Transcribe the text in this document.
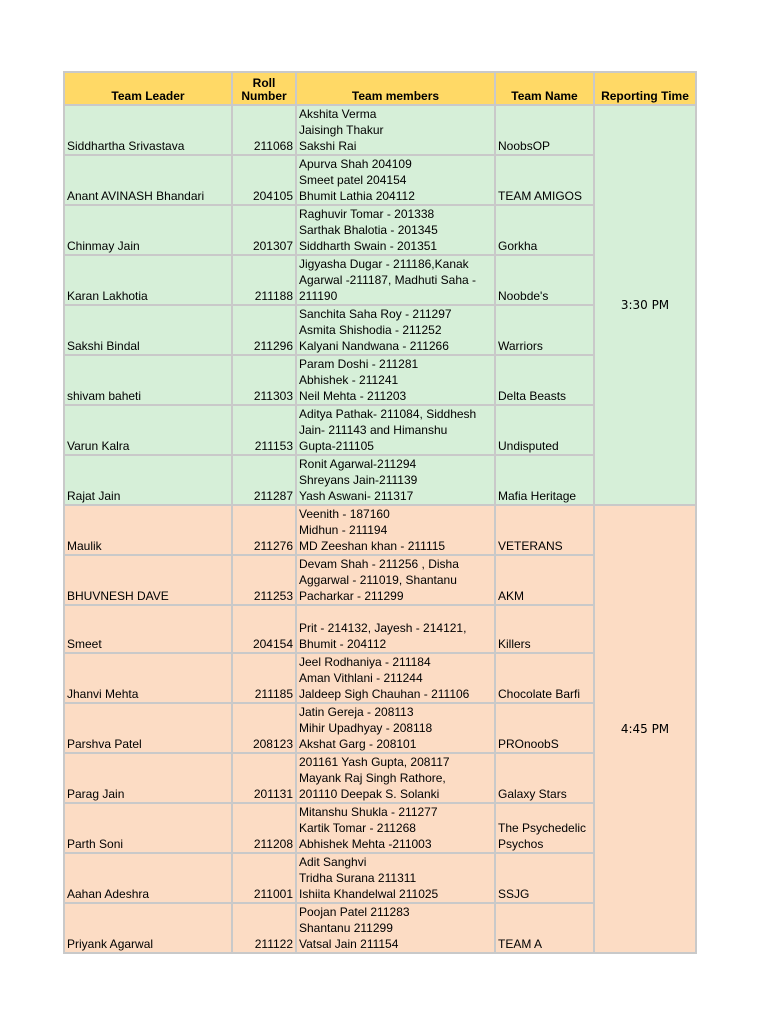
Team Leader	Roll Number	Team members	Team Name	Reporting Time

Siddhartha Srivastava	211068	Akshita Verma
Jaisingh Thakur
Sakshi Rai	NoobsOP	3:30 PM
Anant AVINASH Bhandari	204105	Apurva Shah 204109
Smeet patel 204154
Bhumit Lathia 204112	TEAM AMIGOS	
Chinmay Jain	201307	Raghuvir Tomar - 201338
Sarthak Bhalotia - 201345
Siddharth Swain - 201351	Gorkha	
Karan Lakhotia	211188	Jigyasha Dugar - 211186,Kanak
Agarwal -211187, Madhuti Saha -
211190	Noobde's	
Sakshi Bindal	211296	Sanchita Saha Roy - 211297
Asmita Shishodia - 211252
Kalyani Nandwana - 211266	Warriors	
shivam baheti	211303	Param Doshi - 211281
Abhishek - 211241
Neil Mehta - 211203	Delta Beasts	
Varun Kalra	211153	Aditya Pathak- 211084, Siddhesh
Jain- 211143 and Himanshu
Gupta-211105	Undisputed	
Rajat Jain	211287	Ronit Agarwal-211294
Shreyans Jain-211139
Yash Aswani- 211317	Mafia Heritage	
Maulik	211276	Veenith - 187160
Midhun - 211194
MD Zeeshan khan - 211115	VETERANS	4:45 PM
BHUVNESH DAVE	211253	Devam Shah - 211256 , Disha
Aggarwal - 211019, Shantanu
Pacharkar - 211299	AKM	
Smeet	204154	Prit - 214132, Jayesh - 214121,
Bhumit - 204112	Killers	
Jhanvi Mehta	211185	Jeel Rodhaniya - 211184
Aman Vithlani - 211244
Jaldeep Sigh Chauhan - 211106	Chocolate Barfi	
Parshva Patel	208123	Jatin Gereja - 208113
Mihir Upadhyay - 208118
Akshat Garg - 208101	PROnoobS	
Parag Jain	201131	201161 Yash Gupta, 208117
Mayank Raj Singh Rathore,
201110 Deepak S. Solanki	Galaxy Stars	
Parth Soni	211208	Mitanshu Shukla - 211277
Kartik Tomar - 211268
Abhishek Mehta -211003	The Psychedelic Psychos	
Aahan Adeshra	211001	Adit Sanghvi
Tridha Surana 211311
Ishiita Khandelwal 211025	SSJG	
Priyank Agarwal	211122	Poojan Patel 211283
Shantanu 211299
Vatsal Jain 211154	TEAM A	
